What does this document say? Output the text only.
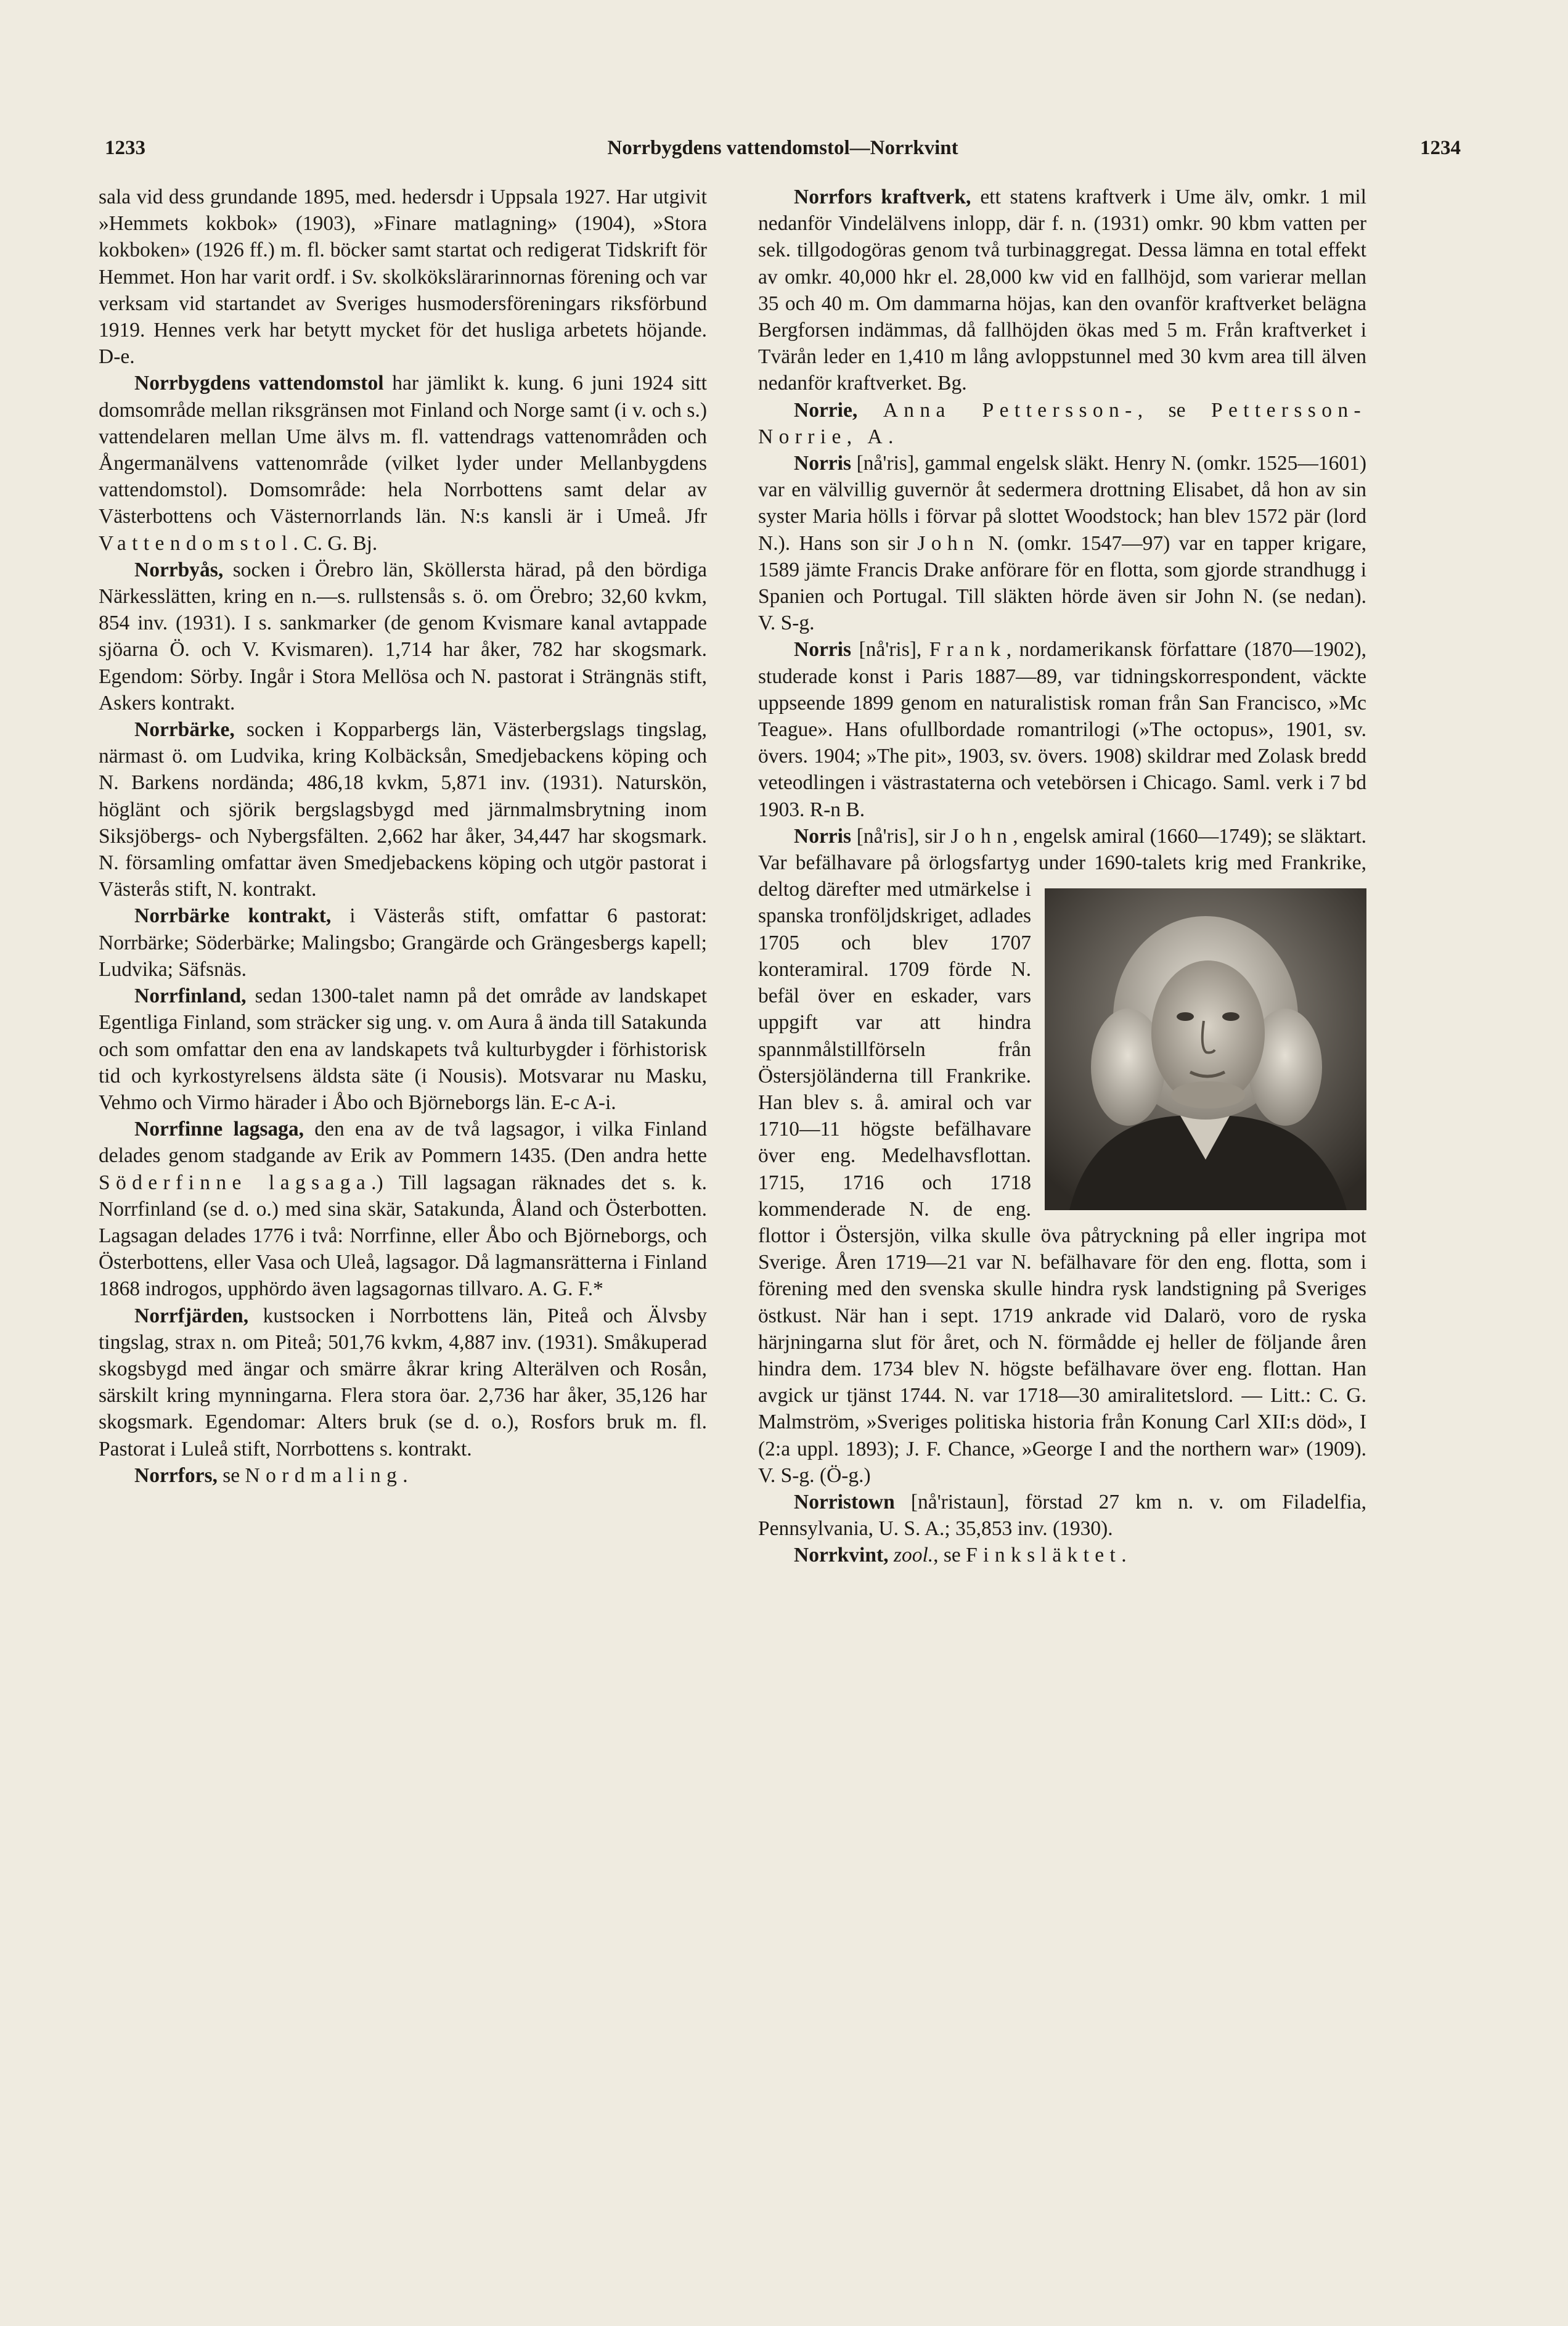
1233	Norrbygdens vattendomstol—Norrkvint	1234

sala vid dess grundande 1895, med. hedersdr i Uppsala 1927. Har utgivit »Hemmets kokbok» (1903), »Finare matlagning» (1904), »Stora kokboken» (1926 ff.) m. fl. böcker samt startat och redigerat Tidskrift för Hemmet. Hon har varit ordf. i Sv. skolkökslärarinnornas förening och var verksam vid startandet av Sveriges husmodersföreningars riksförbund 1919. Hennes verk har betytt mycket för det husliga arbetets höjande. D-e.

Norrbygdens vattendomstol har jämlikt k. kung. 6 juni 1924 sitt domsområde mellan riksgränsen mot Finland och Norge samt (i v. och s.) vattendelaren mellan Ume älvs m. fl. vattendrags vattenområden och Ångermanälvens vattenområde (vilket lyder under Mellanbygdens vattendomstol). Domsområde: hela Norrbottens samt delar av Västerbottens och Västernorrlands län. N:s kansli är i Umeå. Jfr Vattendomstol. C. G. Bj.

Norrbyås, socken i Örebro län, Sköllersta härad, på den bördiga Närkesslätten, kring en n.—s. rullstensås s. ö. om Örebro; 32,60 kvkm, 854 inv. (1931). I s. sankmarker (de genom Kvismare kanal avtappade sjöarna Ö. och V. Kvismaren). 1,714 har åker, 782 har skogsmark. Egendom: Sörby. Ingår i Stora Mellösa och N. pastorat i Strängnäs stift, Askers kontrakt.

Norrbärke, socken i Kopparbergs län, Västerbergslags tingslag, närmast ö. om Ludvika, kring Kolbäcksån, Smedjebackens köping och N. Barkens nordända; 486,18 kvkm, 5,871 inv. (1931). Naturskön, höglänt och sjörik bergslagsbygd med järnmalmsbrytning inom Siksjöbergs- och Nybergsfälten. 2,662 har åker, 34,447 har skogsmark. N. församling omfattar även Smedjebackens köping och utgör pastorat i Västerås stift, N. kontrakt.

Norrbärke kontrakt, i Västerås stift, omfattar 6 pastorat: Norrbärke; Söderbärke; Malingsbo; Grangärde och Grängesbergs kapell; Ludvika; Säfsnäs.

Norrfinland, sedan 1300-talet namn på det område av landskapet Egentliga Finland, som sträcker sig ung. v. om Aura å ända till Satakunda och som omfattar den ena av landskapets två kulturbygder i förhistorisk tid och kyrkostyrelsens äldsta säte (i Nousis). Motsvarar nu Masku, Vehmo och Virmo härader i Åbo och Björneborgs län. E-c A-i.

Norrfinne lagsaga, den ena av de två lagsagor, i vilka Finland delades genom stadgande av Erik av Pommern 1435. (Den andra hette Söderfinne lagsaga.) Till lagsagan räknades det s. k. Norrfinland (se d. o.) med sina skär, Satakunda, Åland och Österbotten. Lagsagan delades 1776 i två: Norrfinne, eller Åbo och Björneborgs, och Österbottens, eller Vasa och Uleå, lagsagor. Då lagmansrätterna i Finland 1868 indrogos, upphördo även lagsagornas tillvaro. A. G. F.*

Norrfjärden, kustsocken i Norrbottens län, Piteå och Älvsby tingslag, strax n. om Piteå; 501,76 kvkm, 4,887 inv. (1931). Småkuperad skogsbygd med ängar och smärre åkrar kring Alterälven och Rosån, särskilt kring mynningarna. Flera stora öar. 2,736 har åker, 35,126 har skogsmark. Egendomar: Alters bruk (se d. o.), Rosfors bruk m. fl. Pastorat i Luleå stift, Norrbottens s. kontrakt.

Norrfors, se Nordmaling.

Norrfors kraftverk, ett statens kraftverk i Ume älv, omkr. 1 mil nedanför Vindelälvens inlopp, där f. n. (1931) omkr. 90 kbm vatten per sek. tillgodogöras genom två turbinaggregat. Dessa lämna en total effekt av omkr. 40,000 hkr el. 28,000 kw vid en fallhöjd, som varierar mellan 35 och 40 m. Om dammarna höjas, kan den ovanför kraftverket belägna Bergforsen indämmas, då fallhöjden ökas med 5 m. Från kraftverket i Tvärån leder en 1,410 m lång avloppstunnel med 30 kvm area till älven nedanför kraftverket. Bg.

Norrie, Anna Pettersson-, se Pettersson-Norrie, A.

Norris [nå'ris], gammal engelsk släkt. Henry N. (omkr. 1525—1601) var en välvillig guvernör åt sedermera drottning Elisabet, då hon av sin syster Maria hölls i förvar på slottet Woodstock; han blev 1572 pär (lord N.). Hans son sir John N. (omkr. 1547—97) var en tapper krigare, 1589 jämte Francis Drake anförare för en flotta, som gjorde strandhugg i Spanien och Portugal. Till släkten hörde även sir John N. (se nedan). V. S-g.

Norris [nå'ris], Frank, nordamerikansk författare (1870—1902), studerade konst i Paris 1887—89, var tidningskorrespondent, väckte uppseende 1899 genom en naturalistisk roman från San Francisco, »Mc Teague». Hans ofullbordade romantrilogi (»The octopus», 1901, sv. övers. 1904; »The pit», 1903, sv. övers. 1908) skildrar med Zolask bredd veteodlingen i västrastaterna och vetebörsen i Chicago. Saml. verk i 7 bd 1903. R-n B.

Norris [nå'ris], sir John, engelsk amiral (1660—1749); se släktart. Var befälhavare på örlogsfartyg under 1690-talets krig med Frankrike, deltog därefter med utmärkelse i
spanska tronföljdskriget, adlades 1705 och blev 1707 konteramiral. 1709 förde N. befäl över en eskader, vars uppgift var att hindra spannmålstillförseln från Östersjöländerna till Frankrike. Han blev s. å. amiral och var 1710—11 högste befälhavare över eng. Medelhavsflottan. 1715, 1716 och 1718 kommenderade N. de eng. flottor i Östersjön, vilka skulle öva påtryckning på eller ingripa mot Sverige. Åren 1719—21 var N. befälhavare för den eng. flotta, som i förening med den svenska skulle hindra rysk landstigning på Sveriges östkust. När han i sept. 1719 ankrade vid Dalarö, voro de ryska härjningarna slut för året, och N. förmådde ej heller de följande åren hindra dem. 1734 blev N. högste befälhavare över eng. flottan. Han avgick ur tjänst 1744. N. var 1718—30 amiralitetslord. — Litt.: C. G. Malmström, »Sveriges politiska historia från Konung Carl XII:s död», I (2:a uppl. 1893); J. F. Chance, »George I and the northern war» (1909). V. S-g. (Ö-g.)

Norristown [nå'ristaun], förstad 27 km n. v. om Filadelfia, Pennsylvania, U. S. A.; 35,853 inv. (1930).

Norrkvint, zool., se Finksläktet.
